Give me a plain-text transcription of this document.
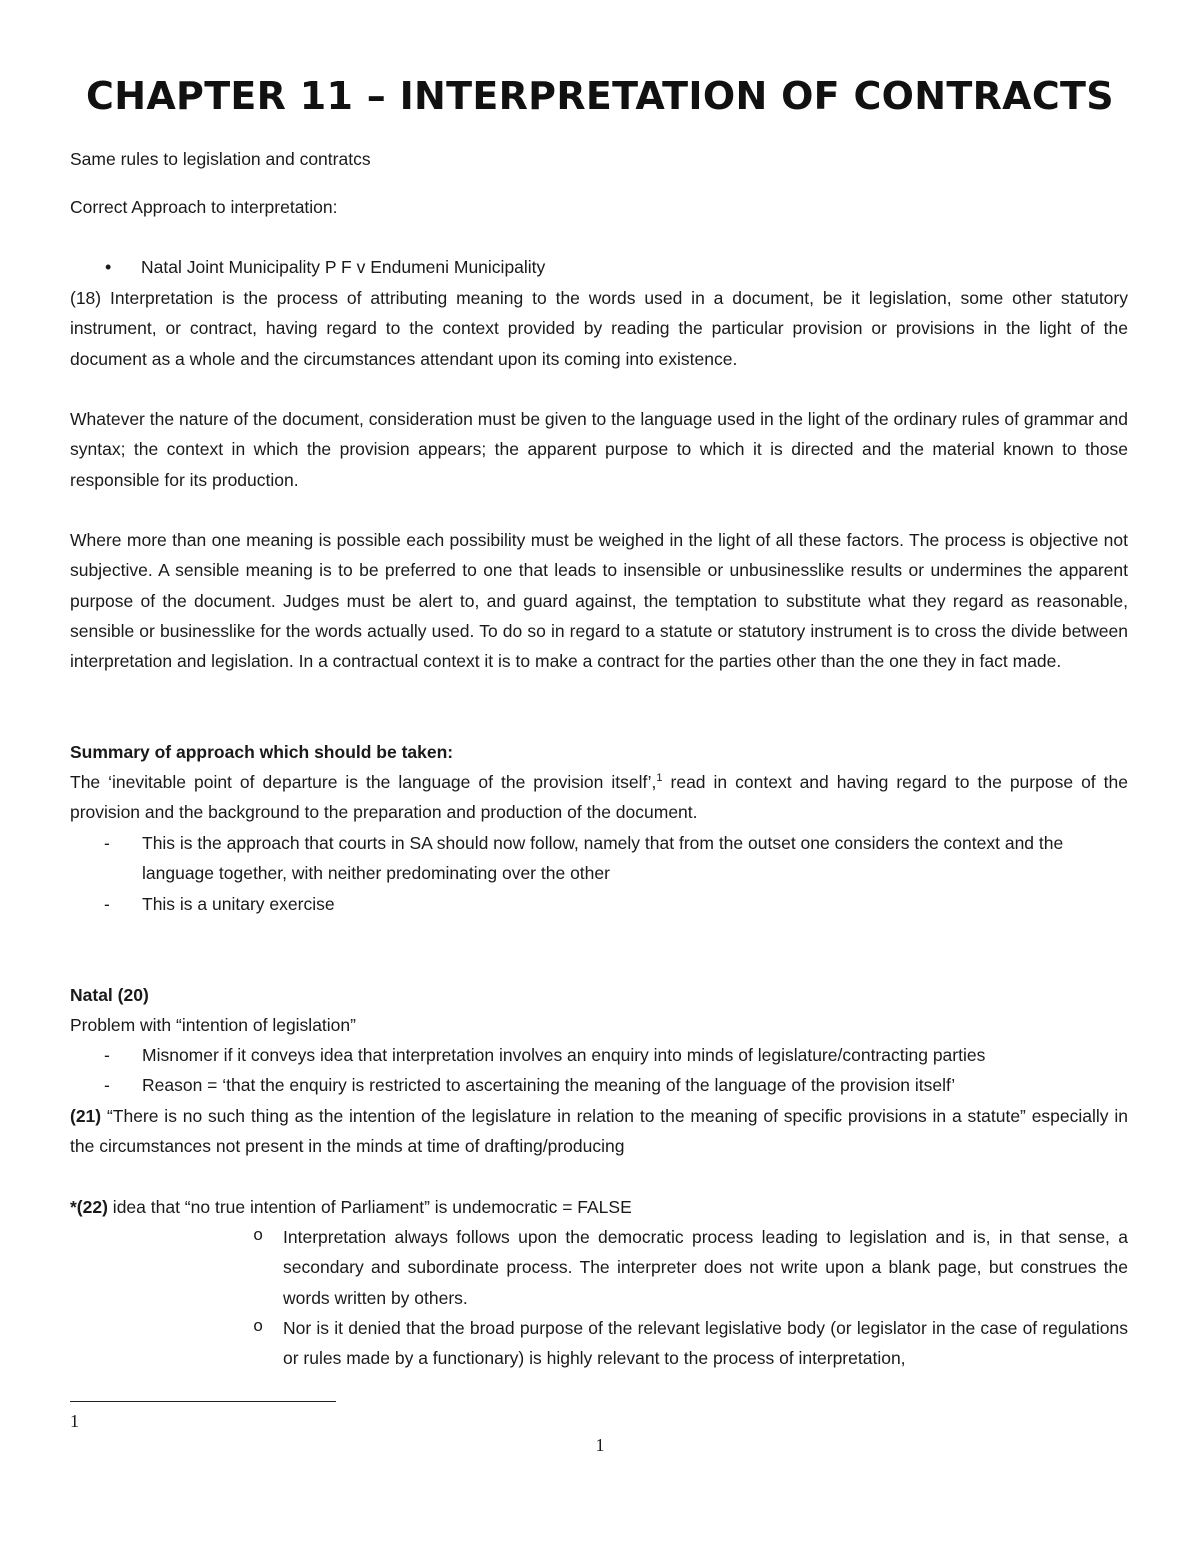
CHAPTER 11 – INTERPRETATION OF CONTRACTS
Same rules to legislation and contratcs
Correct Approach to interpretation:
• Natal Joint Municipality P F v Endumeni Municipality
(18) Interpretation is the process of attributing meaning to the words used in a document, be it legislation, some other statutory instrument, or contract, having regard to the context provided by reading the particular provision or provisions in the light of the document as a whole and the circumstances attendant upon its coming into existence.
Whatever the nature of the document, consideration must be given to the language used in the light of the ordinary rules of grammar and syntax; the context in which the provision appears; the apparent purpose to which it is directed and the material known to those responsible for its production.
Where more than one meaning is possible each possibility must be weighed in the light of all these factors. The process is objective not subjective. A sensible meaning is to be preferred to one that leads to insensible or unbusinesslike results or undermines the apparent purpose of the document. Judges must be alert to, and guard against, the temptation to substitute what they regard as reasonable, sensible or businesslike for the words actually used. To do so in regard to a statute or statutory instrument is to cross the divide between interpretation and legislation. In a contractual context it is to make a contract for the parties other than the one they in fact made.
Summary of approach which should be taken:
The ‘inevitable point of departure is the language of the provision itself’,$^1$ read in context and having regard to the purpose of the provision and the background to the preparation and production of the document.
- This is the approach that courts in SA should now follow, namely that from the outset one considers the context and the language together, with neither predominating over the other
- This is a unitary exercise
Natal (20)
Problem with “intention of legislation”
- Misnomer if it conveys idea that interpretation involves an enquiry into minds of legislature/contracting parties
- Reason = ‘that the enquiry is restricted to ascertaining the meaning of the language of the provision itself’
(21) “There is no such thing as the intention of the legislature in relation to the meaning of specific provisions in a statute” especially in the circumstances not present in the minds at time of drafting/producing
*(22) idea that “no true intention of Parliament” is undemocratic = FALSE
o Interpretation always follows upon the democratic process leading to legislation and is, in that sense, a secondary and subordinate process. The interpreter does not write upon a blank page, but construes the words written by others.
o Nor is it denied that the broad purpose of the relevant legislative body (or legislator in the case of regulations or rules made by a functionary) is highly relevant to the process of interpretation,
1
1
